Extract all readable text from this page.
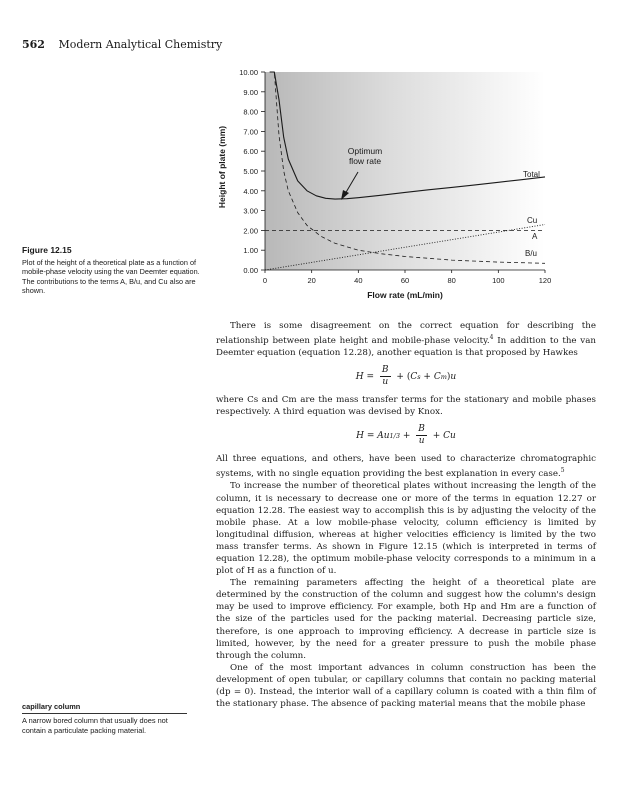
562 Modern Analytical Chemistry
0.00
1.00
2.00
3.00
4.00
5.00
6.00
7.00
8.00
9.00
10.00
0	20	40	60	80	100	120
Total
Cu
A
B/u
Optimum flow rate
Flow rate (mL/min)
Height of plate (mm)
Figure 12.15
Plot of the height of a theoretical plate as a function of mobile-phase velocity using the van Deemter equation. The contributions to the terms A, B/u, and Cu also are shown.

There is some disagreement on the correct equation for describing the relationship between plate height and mobile-phase velocity.$^4$ In addition to the van Deemter equation (equation 12.28), another equation is that proposed by Hawkes

$H = \frac{B}{u}$ + ( C s + C m ) u

where Cs and Cm are the mass transfer terms for the stationary and mobile phases respectively. A third equation was devised by Knox.

H = Au $1/3 + \frac{B}{u} + Cu$

All three equations, and others, have been used to characterize chromatographic systems, with no single equation providing the best explanation in every case.$^5$

To increase the number of theoretical plates without increasing the length of the column, it is necessary to decrease one or more of the terms in equation 12.27 or equation 12.28. The easiest way to accomplish this is by adjusting the velocity of the mobile phase. At a low mobile-phase velocity, column efficiency is limited by longitudinal diffusion, whereas at higher velocities efficiency is limited by the two mass transfer terms. As shown in Figure 12.15 (which is interpreted in terms of equation 12.28), the optimum mobile-phase velocity corresponds to a minimum in a plot of H as a function of u.

The remaining parameters affecting the height of a theoretical plate are determined by the construction of the column and suggest how the column's design may be used to improve efficiency. For example, both Hp and Hm are a function of the size of the particles used for the packing material. Decreasing particle size, therefore, is one approach to improving efficiency. A decrease in particle size is limited, however, by the need for a greater pressure to push the mobile phase through the column.

One of the most important advances in column construction has been the development of open tubular, or capillary columns that contain no packing material (dp = 0). Instead, the interior wall of a capillary column is coated with a thin film of the stationary phase. The absence of packing material means that the mobile phase

capillary column
A narrow bored column that usually does not contain a particulate packing material.
